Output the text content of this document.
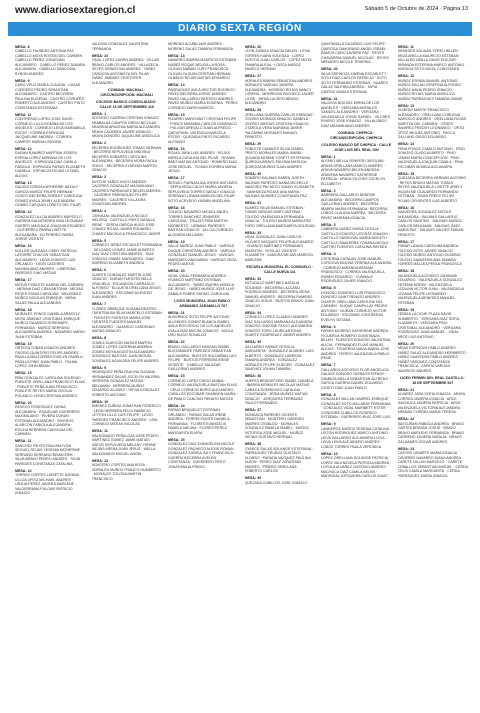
www.diariosextaregion.cl	Sábado 5 de Octubre de 2024 · Página 13
DIARIO SEXTA REGIÓN
MESA: 8
CABELLO FAUNDES ANTONIA PAZ · CABELLO MOYA ROSSIO DEL CARMEN · CABELLO PEREZ JONATHAN ALEJANDRO · CABELLO PEREZ TAMARA ALEJANDRA · CABELLO SANDOVAL BYRON ANDRES
MESA: 9
CARO VELIZ MARIA CLAUDIA · CASAS CORDERO PEDRO SEBASTIAN ALEJANDRO · CASTRO BECERRA PAULINA EUGENIA · CASTRO CORDERO ROBERTO ALEJANDRO · CASTRO PINTO CONSTANZA ESTEFANIA
MESA: 11
CONTRERAS LOPEZ JOSE DAVID · CORNEJO LILLO ROMINA DE LOS ANGELES · CORNEJO LEIVA MARIABELA ROCIO · CORREA ESPINOZA JACQUELINE ANDREA · CORREA CAMPOS MARIAN ISIDORA
MESA: 12
DURAN RAMIREZ MARTINA JOSEFA · ESPINA LOPEZ ADRIANA DE LOS ANGELES · ESPINOZA DIAZ CAMILA FABIOLA · ESPINOZA FARIAS ELIZABETH DANIELA · ESPINOZA ROJAS LEONEL ALEXIS
MESA: 13
GALVEZ CERDA KATHERINE NAYALY · GARCIA MUÑOZ FELIPE HERNAN · GODOY BECERRA SHIRLEY CAROLINA · GOMEZ AYALA JENNY ALEJANDRA · GOMEZ CARQUIN LORETO DEL PILAR
MESA: 14
GONZALEZ ULLOA ANDRES MARCELO · GUERRA SALVATIERRA IVAN LEONIDAS · GUERRY MACHUCA JOAQUIN EDUARDO · GUTIERREZ PARRA LISETTE ALEXANDRA · GUTIERREZ PARRA JORGE VICENTE
MESA: 16
KOLLER QUEZADA CINDY PATRICIA · LATORRE CHACON SEBASTIAN ALEJANDRO · LEIVA DONOSO LUIS ORLANDO · LEON CACERES MAXIMILIANO ANDRES · LIBERONA PAREDES GINO MATIAS
MESA: 17
MATUS POBLETE KARINA DEL CARMEN · MEDINA DIAZ CIDIA ANTONIA · MEJIAS REYES SONIA CAROLINA · MELENDEZ MUÑOZ NICOLAS ENRIQUE · MENA SALAS PAULA ALEJANDRA
MESA: 18
MORALES PONCE DANIELA ARACELY · MOYA JIMENEZ CRISTOBAL ENRIQUE · MUÑOZ GAJARDO ROSEMARY FERNANDA · MUÑOZ SERRANO ALEJANDRA ANDREA · NAVARRO MARIN JUAN ESTEBAN
MESA: 19
ORTEGA TOBAR IGNACIO ANDRES · OSORIO QUINTERO FELIPE ANDRES · PADILLA MALTORRES EVELYN PAMELA · PADILLA PINO JUAN PABLO · PALMA LOPEZ JOHN BRIAN
MESA: 19
PIÑA GONZALEZ CAROLINA SOLEDAD · POBLETE ORELLANA FRANCISCO ELIAS · POBLETE PEÑA JUAN FRANCISCO · POBLETE REYES MARIA CECILIA · POLANCO LEIVA CRISTIAN ANDRES
MESA: 20
REVECO RODRIGUEZ YASNA ALEJANDRA · RIQUELME GUERRERO MAXIMILIANO · RIVERA DURAN ESTEBAN ALEJANDRO · RIVEROS ALARCON FABIOLA ALEJANDRA · ROCHA HERRERA CAROLINA DEL CARMEN
MESA: 21
SANCHEZ REYES PAULINA IVON · SEGUEL ROJAS YESENIA KATHERINE · SERRANO SERRANO BRIAN ERIK · SILVA BRAVO PEDRO ANDRES · SILVA PAREDES CONSTANZA CATALINA
MESA: 22
TORRES CORTES LISSETTE DAYANA · ULLOA ORTIZ MICHAEL ANDRES · URZUA PEREZ JAVIERA MARLENE · VALDERRAMA PULGAR PATRICIO IGNACIO
VALDIVIA GONZALEZ VALENTINA FERNANDA
MESA: 23
VIDAL LOPEZ KAREN ANDREA · VILLAR BRAVO CARLOS ANDRES · VILLASECA REYES SEBASTIAN ANDRES · YAÑEZ CARDOSA ANTONIETA DEL PILAR · YAÑEZ JIMENEZ CRISTOFER ALEJANDRO
COMUNA: MACHALI · CIRCUNSCRIPCIÓN: MACHALI
COLEGIO BASICO CONSOLIDADO · CALLE 15 DE SEPTIEMBRE 415
MESA: 1
ACEVEDO GUERRA CRISTIAN IGNACIO · ARABALDA CAMPOS DIEGO NICOLAS · ARAVENA ARAVENA MARIA ALEJANDRA · ARAYA CACERES JAVIER IGNACIO · ARAYA DONOSO JAQUELINE ANGELICA
MESA: 2
BECERRA RODRIGUEZ TOMAS HERNAN · BECERRA SEPULVEDA NINOSKA · BECERRA SOBARZO CAROLINA ALEJANDRA · BECERRA MORA PAOLA ROCIO · BECERRA OYARZUN MARTIN IGNACIO
MESA: 3
BUSTOS YAÑEZ HUGO ANDRES · CACERES GONZALEZ MAXIMILIANO · CACERES PARRAGUEZ BELEN ANDREA · CACERES PARRAGUEZ FELIPE ANDRES · CACERES VILLAGRA JONATHAN ANDRES
MESA: 4
CARVAJAL VALENZUELA NICOLE MELISSA · CASTILLO PINTO NATALIA IRENE · CERDA GARCIA HUGO JOSE · CHAVEZ ROJAS JAVIER EDUARDO · CHAVEZ MACHUCA FRANCISCO JAVIER
MESA: 5
CORNEJO JEREZ ESCARLET FERNANDA · DELGADO GOMEZ JAIME ALBERTO · DIAZ DIAZ CRISTIAN ANDRES · DIAZ DONOSO ISABEL MARGARITA · DIAZ MORENO ELIZABETH ANDREA
MESA: 6
DUARTE GONZALEZ MARTIN JOSE IGNACIO · DURAN FUENTES MILLA GRACIELA · ESCANDON CARRASCO ALFONSO · ELGUETA ORELLANA JESUS ALEJANDRO · ESCOBAR ACEVEDO JUAN ANDRES
MESA: 7
FLORES OBREQUE SUSANA BEATRIZ · FUENTEALBA SILVA MARCELO ESTEBAN · FUENTES FUENTES MARIA JOSE · FUENTES FUENTES MANUEL ALEJANDRO · GAJARDO CARDENAS MATIAS IGNACIO
MESA: 8
GOMEZ ALARCON MATIAS MARTIN · GOMEZ LOPEZ CATERINA ANDREA · GOMEZ MOYA AGUSTIN ALEJANDRO · GONZALEZ BASTIAS JUAN MIGUEL · GONZALEZ AGUILERA FELIPE ANDRES
MESA: 9
HENRIQUEZ PEÑA PAULINA SUSANA · HERNANDEZ SALAS JOCELYN VALERIA · HERRERA GONZALEZ MATIAS BENJAMIN · HERRERA MUÑOZ EDUARDO ALONSO · HEVIA GONZALEZ ROBERTO ANTONIO
MESA: 10
JIMENEZ ZUÑIGA JONATHAN FEDERICO · LEON HERRERA FELIX FABRICIO · LEYTON LILLO LUIS FELIPE · LEVIO PAREDES FRANCISCO ANDRES · LIRA CORNEJO MATIAS NICOLAS
MESA: 11
MALDONADO PEÑALOZA JOSE PEDRO · MARTINEZ GOMEZ JAIME MATIAS · MATUS SEPULVEDA MELANY YERINE · MEJIAS ARENA JUAN JESUS · MELLA MALDONADO MIGUEL ANGEL
MESA: 12
MONTERO CORTES ANA ROSA · MORALES MUÑOZ FRANCO HUMBERTO · MORALES TOLOSA MARTIN FRANCISCO
MORENO ACUÑA JAIR ANDRES · MORENO SALAS TAMARA FERNANDA
MESA: 13
NAVARRO IBARRA MAURICIO ESTEBAN · NUÑEZ ROQUE NELIDA LA ROSA · OLGUIN MAÑAN YURY FRANCISCA · OLGUIN OLGUIN CRISTIAN HERNAN · OLMEDO ROJAS MATIAS EDUARDO
MESA: 14
PARRAGUEZ AVILA HECTOR RODRIGO · PAVEZ BECERRA JORGE ANDRES · PAVEZ GALLARDO PATRICIO ANDRES · PAVEZ MUÑOZ MARIA EUGENIA · PEREZ CORNEJO KARIN MARICEL
MESA: 15
PIZARRO MARCHANT CRISTIAN FELIPE · PONCE MIRANDA CARLOS DOMENICO · PULGAR AREVALO JUAN ALFREDO · QUEUPUMIL VALENCIA MARCELA ESTER · QUEZADA PINTO RICARDO ALFONSO
MESA: 16
ROJAS JARA LUIS ANDRES · ROJAS MIRELA CATALINA DEL PILAR · ROMAN BAEZ MATIAS ANTONIO · ROMERO DIAZ JOSE MIGUEL · ROSAS CORREA MARIA JESUS
MESA: 17
SEGUEL FUENZALIDA JORGE ANTUARO · SEPULVEDA CALVO MARIA JAVIERA · SEPULVEDA TORRES NATALY IGNACIA · SERRANO LIZAMA MARLEN DEL PILAR · SOTO ACEVEDO YASMIN ANGELINA
MESA: 18
TOLEDO NAVARRO MIGUEL ANGEL · TORRES SANCHEZ JENNIFER CAROLINA · TRUJOS PIÑA MARTIN NORBERTO · URBANO PAREDES BASTIAN IGNACIO · ULLOA CORNEJO ALONDRA MILLARAY
MESA: 19
VALLE MUÑOZ JUAN PABLO · VARGAS DUQUE CHRISTIAN ANDRES · VARGAS GONZALEZ MANUEL JESUS · VARGAS MARIQUEO ANA MARIA · VARGAS VEGA PEDRO ALEXIS
MESA: 20
VIDAL VIDAL FERNANDA ANDREA · VIVANCO MARTINEZ ESTEBAN ALEJANDRO · YAÑEZ IBARRA MONICA DE JESUS · YAÑEZ MUÑOZ JOSE LUIS · ZABALA POBRE RAFAEL CAROLINA
LICEO MUNICIPAL JUAN PABLO · ARMANDO JARAMILLO 707
MESA: 21
ALBORNOZ SOTO FELIPE ANTONIO · ALLENDES GOMEZ BLANCA ISABEL · AVILA ROS ROCIO DE LOS ANGELES · AYALA DIAZ MACIEL IGNACIO · AZOLA UHU HUGO RONALDO
MESA: 22
BRAVO GALLARDO HASSAN ISABEL · BUSTAMANTE PAREDES SEBASTIAN ALEJANDRA · BUSTOS SOLDAÑAN LUIS FELIPE · BUSTOS FERREIRA IRENE VICENTE · CABELLO SALAZAR GUILLERMO ANDRES
MESA: 23
CORNEJO LOPEZ DIEGO ANIBAL · CORNEJO VALENZUELA BASTIAN ELIAS · CRUZ CORNEJO BORIS ALEJANDRO · CUBILLOS ESCOBAR SHANNON MARIA · DE PABLO CANCINO RENATO MATIAS
MESA: 24
FARIAS BRIQUELET ESTEBAN ORLANDO · FARIAS SALAS IRENE ANDREA · FERRECOUNTE DANIELA FERNANDA · FLORES EVANGELIS PAMELA MELINA · FLORES PEREZ MARGARITA ELVIRA
MESA: 25
GONZALEZ DIAZ EVANGELINA NICOLE · GONZALEZ PACHECO ALEXIS ROMAN · GONZALEZ ZUÑIGA JULY FRANCISCA · GUERRA BECERRA AYELEN CONSTANZA · GUERRERO PINTO JONATHAN ALFREDO
MESA: 26
LEON ZUÑIGA IGNACIA BELEN · LEIVA TORRES KIARA SOLEDAD · LOPEZ BUSTOS JUAN CARLOS · LOPEZ MOYA TAMARA ALEXA · LORCA MUÑOZ ANGELO HERNAN
MESA: 27
MORALES BARRA SEBASTIAN ANDRES · MORALES VARGAS JAVIERA ALEJANDRA · MORENO ROJAS NANCY LORENA · MORRISON PACHECO JAVIER LIZZIE · MENA LUCERO BRUNO ALEJANDRO
MESA: 28
ORELLANA GUERRA CARLOS ENRIQUE · OSORIO MORAGA IGNACIO DANIELA · OSORIO VARGAS CRISTIAN IGNACIO · OTAROLA VERA MARIANA JAVIER · PALOMINO MORALES MANUEL ERNESTO
MESA: 29
POBLETE CANALES SILDA ISABEL · PRIETO MORALES MARIA ISABEL · QUIJADA MORAN YOSETT ESTEFANIA · QUIROGA BRAVO PALOMA MATILDA · QUIROGA MUÑOZ JUAN ANDRES
MESA: 30
ROMERO SALINAS KAREN JUDITH · SALINAS PAREDES DANIA MICHELLE · SANCHEZ PACHECO SANDY ELISABETH · SANHUEZA ROJAS ANA MARIA · SALINAS ÁLVAREZ CONSTANZA PAZ
MESA: 31
SUAREZ SILVA MANUEL ESTEBAN · TOBAR VARGAS MARY ANTONIA · TOLEDO VALENZUELA FERNANDA IGNACIA · TOLEDO MUÑOZ MARIA PAZ · TORO ORELLANA MARGARITA SOLEDAD
MESA: 32
VIDAL GONZALEZ JUAN CARLOS · VILCHES VASQUEZ FELIPE ALEJANDRO · VIVANCO MARTINEZ FERNANDO VALENTIN · YEVILAO VICENTE ELIZABETH · ZAMORA MEJIAS MARISOL MARLENE
ESCUELA MUNICIPAL EL CONSUELO · CALLE NUEVA 111
MESA: 33
ASTUDILLO MARTINEZ NATALIA SOLANGE · BECERRA LAZCANO RODRIGO ANDRES · BECERRA VIERA SAMUEL ANDRES · BECERRA RAMIREZ IGNACIO JESUS · BUSTOS BRAVO JUAN IGNACIO
MESA: 34
CORNEJO LOPEZ CLAUDIO ANDRES · DIAZ GALLARDO MARIANA ALEJANDRA · DONOSO ONDONE ROCIO ALEJANDRA · DONOSO TORO LAURA ANTONIA · DUARTE RODRIGUEZ JAVIER ANDRES
MESA: 35
GALLARDO FARIAS YESSICA MARGARITA · GONZALEZ ALVAREZ LUIS ALBERTO · GONZALEZ LAREKAS TAMARA ANDREA · GONZALEZ MORALES FELIPE ELIECER · GONZALEZ SANCHEZ JOHAN TAMARA
MESA: 36
HUERTA BRIDGEFORD ISABEL DANIELA · IBARRA MORALES NICOLAS MATIAS · ILABACA RODRIGUEZ CATALINA CONSTANZA · JERIA MUÑOZ MATIAS IGNACIO · JORQUERA TERRAZAS PAULO FERNANDO
MESA: 37
MONDACA PAREDES VICENTE SEBASTIAN · MONTERO GARRIDO ANDRES OSVALDO · MORALES GONZALEZ PAMELA ISABEL · MUÑOZ ASTORGA JOSE MIGUEL · MUÑOZ MEJIAS GUSTAVO HERNAN
MESA: 38
OYARCE SALAS SOLANGE ESTEFANIA · PARRAGUEZ TRUÑOZ GUSTAVO ALONSO · PARADA VAZQUEZ PAULINA JASON · PEREZ DIAZ JONATHAN ANDRES · PIÑERO ORELLANA ROBERTO CARLOS
MESA: 39
QUEZADA CUBILLOS JOSE IGNACIO
QUINTANILLA GAJARDO LUIS FELIPE · QUIROGA ZAMORANO ANGEL ISRAEL · RAMOS CARO JAVIERA PAZ · REYES CHAVARRIA SAMUEL NICOLAS · REYES MENARES NICOLE TEHIENIA
MESA: 40
SILVA ESPINOZA XIMENA ESCARLETT · SOTO DIAZ CARLOS PATRICIO · SOTO SOTO FERNANDO ESTEBAN · SUAREZ GALAZ VALERIA ANDREA · TAPIA QUIROZ VANIA ESTEFANIA
MESA: 41
VALDIVIA BOGGEL MIRNA DE LOS ANGELES · VERGARA MORALES SAMUEL ALEJANDRO · VERGARA VALENZUELA JOSUE RAFAEL · VILCHES RIVERO JOSE IGNACIO · VILLALOBOS DIAZ MAXIMILIANO ANDRES
COMUNA: CHEPICA · CIRCUNSCRIPCIÓN: CHEPICA
COLEGIO BASICO DE CHEPICA · CALLE JOSE LUIS DEL REAL S/N
MESA: 1
ALFARO MELLA YENIFER CAROLINA · ARAYA ORELLANA MARCO ANDRES · ARAYA NAVARRO BELEN ANDREA · ARAVENA NAVARRO KATHERINE PATRICIA · ARAYA VILCHES JOCELYN ELIZABETH
MESA: 2
BARRERA GALLARDO DENISSE ALEJANDRA · BECERRA CAMPOS GUILLERMO ANDRES · BECERRA IBARRA MARIA FERNANDA · BECERRA LOBOS CLAUDIA ANDREA · BECERRA PAVEZ MARIANA IGNACIA
MESA: 3
CABRERA NUÑEZ MARIA CECILIA · CASTILLO DONOSO VICENTE IGNACIO · CASTILLO SANDOVAL MARIA ADILETH · CASTILLO SAAVEDRA YOHANA NICOLE · CASTRO FUENTES CATALINA HAYDEE
MESA: 4
CISTERNA CATALAN JOSE MANUEL · CORDOVA MOLINA YESENIA ALEJANDRA · CORNEJO MIRANDA BENIAM FRANCISCO · CORREA VALENZUELA RUBEN EDUARDO · CUNNALE RODRIGUEZ JAVIER IGNACIO
MESA: 5
DONOSO ROMERO LUIS FRANCISCO · DONOSO SAINT RENATO ANDRES · DUARTE ORELLANA CAROLINA DEL CARMEN · DUQUE CAMPILLAY PEDRO ANTONIO · DURAN CORNEJO VICTOR EDUARDO · ESCOBAR CONTRERAS EVELYN TATIANA
MESA: 6
FARIAS MORENO KATHERINE ANDREA · FIGUEROA ROMERO CONSTANZA BELEN · FUENTES DONOSO VALENTINA ALICIA · FERNANDEZ FLIAS MANUEL ALEXIS · FIGUEROA NAVIA MARIA JOSE ANDRES · FIERRO VALENZUELA PABLO RENE
MESA: 7
GALLARDO ACEVEDO FLOR ANGELICA · GALVEZ DONOSO YASNA ESTEFANY · GAMBOA MELLA SEBASTIAN ALFREDO · GATICA GUERRA DANIEL EDUARDO · GODOY DIAZ JUAN PABLO
MESA: 8
GONZALEZ MILLAN GABRIEL ENRIQUE · GONZALEZ SOTO MILLARAY FERNANDA · GONZALEZ VIDAL MARIBETT ESTER · GONGORA CUBILLOS RODRIGO ESTEBAN · GUERRERO RUIZ JOSE LUIS
MESA: 9
LANDEROS MUÑOZ YESENIA CATALINA · LEITON RODRIGUEZ MARCO ANTONIO · LEIVA GALLARDO ALEJANDRA LUCIA · LEIVA LEIVA ALEJANDRO ANDRES · LOBOS TORRES PAULA VERONICA
MESA: 10
LOPEZ ORELLANA SOLANGE PATRICIA · LOPEZ VALENZUELA PATRICIA ANDREA · LOYOLA ALVAREZ GUSTAVO ANDRES · MACHUCA DIAZ CAMILA BELEN · MADRIGAL JORQUERA CARLOS ISAAC
MESA: 11
MENESES SALINAS YERELI BELEN · MEZA ARELLA MAURICIO ESTEBAN · MILLALEN UBILLA DAVID ELIEZAR · MIRANDA ESTERINA MARCO ANTONIO · MORAGA SOTO NICOL CONSTANZA
MESA: 12
MUÑOZ ESPINA SAMUEL ANTONIO · MUÑOZ MILLAN JOSEFINA ALFONSO · MUÑOZ NAVIA PEDRO IGNACIO · MUÑOZ ROJAS MARIA ANGELICA · MUÑOZ PARRAGUEZ TAMARA GIANIE
MESA: 13
OLMEDO MARTE FRANCISCO ALEJANDRO · ORELLANA CORDOVA MARCELO ANDRES · ORELLANA ROJAS MARITZA DEL CARMEN · OSSES RAMIREZ FREDDY LEONARDO · ORTIZ ORTIZ MIGUEL ANTONIO · PACCA GALLANO DIEGO EDUARDO
MESA: 14
PENA PONCE CAMILO ANTONIO · PINO DONOSO GUIDO ALBERTO · PINO LEMAN MARÍA CONCEPCIÓN · PINO VALENZUELA JOAQUIN CAMILA · PINA ESCOBAR MONICA ALEJANDRA
MESA: 15
QUEZADA BECERRA HERNAN ANTONIO · REYES BRAVO MATIAS TOMAS · REYES VALENZUELA LISETTE ARIELY · RIQUELME GUAJARDO FERNANDO ESTEBAN · RIVAS FREDY FELIPE · ROJAS CIFUENTES LUIS ALBERTO
MESA: 16
SAAVEDRA GONZALEZ NICOLE ALEJANDRA · SALINAS GALLARDO CARLOS SANTINO · SALINAS MUÑOZ CARLOS BENJAMIN · SALINAS SAEZ MARIA PAZ · SALINAS VALDES FABIAN ERNESTO
MESA: 17
TOBAR LIZANA CAROLINA ANDREA · TOLEDO SOTO JAVIER IGNACIO · TOLEDO MUÑOZ ANTONIO EUSEBIO · TOLEDO SAAVEDRA ANA TAMARA · TORRES MALLEA PERLA FRANCISCA
MESA: 18
VALENZUELA ACEVEDO JOHANNA EDUARDO · VALENZUELA GONZALEZ YESENIA NOEMI · VALENZUELA LEDUINA VICTOR JUAN · VALENZUELA LEZAMA FELIPE LEONARDO · VALENZUELA MENESES MANUEL ESTEBAN
MESA: 19
ZEÑIGA LUCICHE PLAZA DAVID HUMBERTO · VERGARA DIAZ SOFIA ELIZABETH · VERGARA PINO CRISTOBAL ALEJANDRO · VERGARA RODRIGUEZ JUAN MANUEL · VIDAL ARCE LUIS ANTONIO
MESA: 20
ARIAS ESPINOZA PABLO ANDRES · YAÑEZ SALAZ ALEJANDRO HERIBERTO · YAÑEZ SAAVEDRA PABLO ANDRES · YAÑEZ VASQUEZ CONSTANZA FRANCISCA · ZAPATA VARGAS MAURICIO ANDRES
LICEO FERMIN DEL REAL CASTILLO · 18 DE SEPTIEMBRE 527
MESA: 21
ALVAREZ JARA SOFIA IGNACIA · ARAYA CORREA JAVIERA IGNACIA · ARCE MACHUCA JAVIERA PATRICIA · ARCE VALENZUELA VICTORIA ALEJANDRA · ARENAS CORREA MARIA TERESA
MESA: 22
BASCUÑAN FABIOLA ANDREA · BRAVO CARTES BRAYAN JOSUE · BRAVO BRAVO MARLENY FERNANDA · BRAVO CARRENO JAVIERA NATALIA · BRAVO GALDAMES OSCAR ANDRES
MESA: 23
CASTRO URIARTE MARIA IGNACIA · CAVIERES NAVARRO DIANA ANDREA · CARETE NILLAN MARCELO · CARETE CEBALLOS SEBASTIAN MIGUEL · CERDA CELIS CAMILA MARGARITA · CERDA PARRAGUEZ MARIA IGNACIA
